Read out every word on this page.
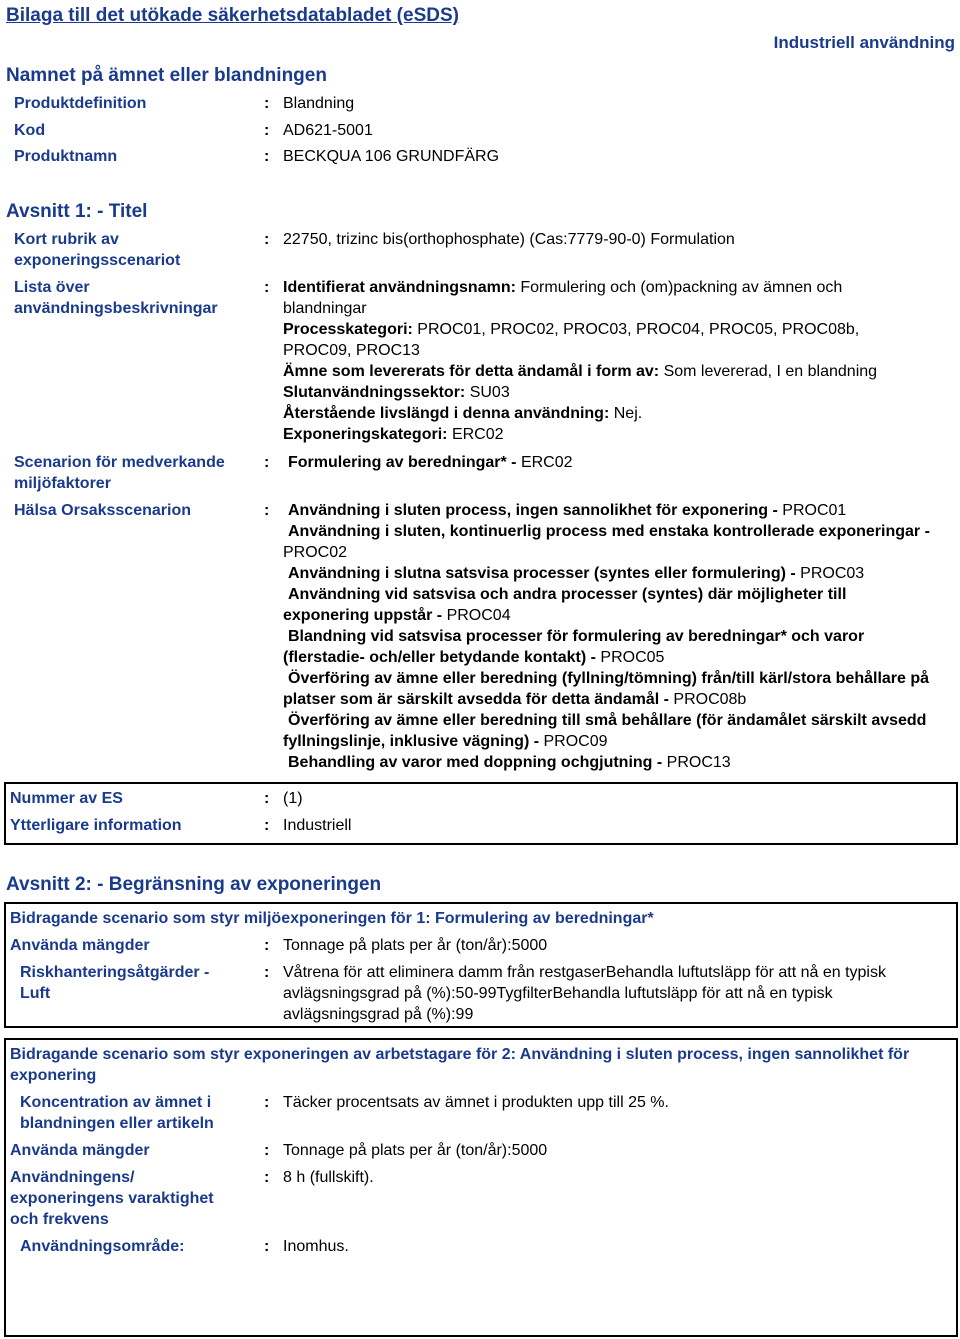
Bilaga till det utökade säkerhetsdatabladet (eSDS)
Industriell användning
Namnet på ämnet eller blandningen
Produktdefinition	: Blandning
Kod	: AD621-5001
Produktnamn	: BECKQUA 106 GRUNDFÄRG
Avsnitt 1: - Titel
Kort rubrik av exponeringsscenariot
: 22750, trizinc bis(orthophosphate) (Cas:7779-90-0) Formulation
Lista över användningsbeskrivningar
: Identifierat användningsnamn: Formulering och (om)packning av ämnen och blandningar

Processkategori: PROC01, PROC02, PROC03, PROC04, PROC05, PROC08b, PROC09, PROC13

Ämne som levererats för detta ändamål i form av: Som levererad, I en blandning

Slutanvändningssektor: SU03

Återstående livslängd i denna användning: Nej.

Exponeringskategori: ERC02

Scenarion för medverkande miljöfaktorer
:	Formulering av beredningar* - ERC02
Hälsa Orsaksscenarion	:	Användning i sluten process, ingen sannolikhet för exponering - PROC01

Användning i sluten, kontinuerlig process med enstaka kontrollerade exponeringar - PROC02

Användning i slutna satsvisa processer (syntes eller formulering) - PROC03

Användning vid satsvisa och andra processer (syntes) där möjligheter till exponering uppstår - PROC04

Blandning vid satsvisa processer för formulering av beredningar* och varor (flerstadie- och/eller betydande kontakt) - PROC05

Överföring av ämne eller beredning (fyllning/tömning) från/till kärl/stora behållare på platser som är särskilt avsedda för detta ändamål - PROC08b

Överföring av ämne eller beredning till små behållare (för ändamålet särskilt avsedd fyllningslinje, inklusive vägning) - PROC09

Behandling av varor med doppning ochgjutning - PROC13

Nummer av ES	: (1)
Ytterligare information	: Industriell
Avsnitt 2: - Begränsning av exponeringen
Bidragande scenario som styr miljöexponeringen för 1: Formulering av beredningar*
Använda mängder	: Tonnage på plats per år (ton/år):5000
Riskhanteringsåtgärder - Luft
: Våtrena för att eliminera damm från restgaserBehandla luftutsläpp för att nå en typisk avlägsningsgrad på (%):50-99TygfilterBehandla luftutsläpp för att nå en typisk avlägsningsgrad på (%):99
Bidragande scenario som styr exponeringen av arbetstagare för 2: Användning i sluten process, ingen sannolikhet för exponering
Koncentration av ämnet i blandningen eller artikeln
: Täcker procentsats av ämnet i produkten upp till 25 %.
Använda mängder	: Tonnage på plats per år (ton/år):5000
Användningens/ exponeringens varaktighet och frekvens
: 8 h (fullskift).
Användningsområde:	: Inomhus.
